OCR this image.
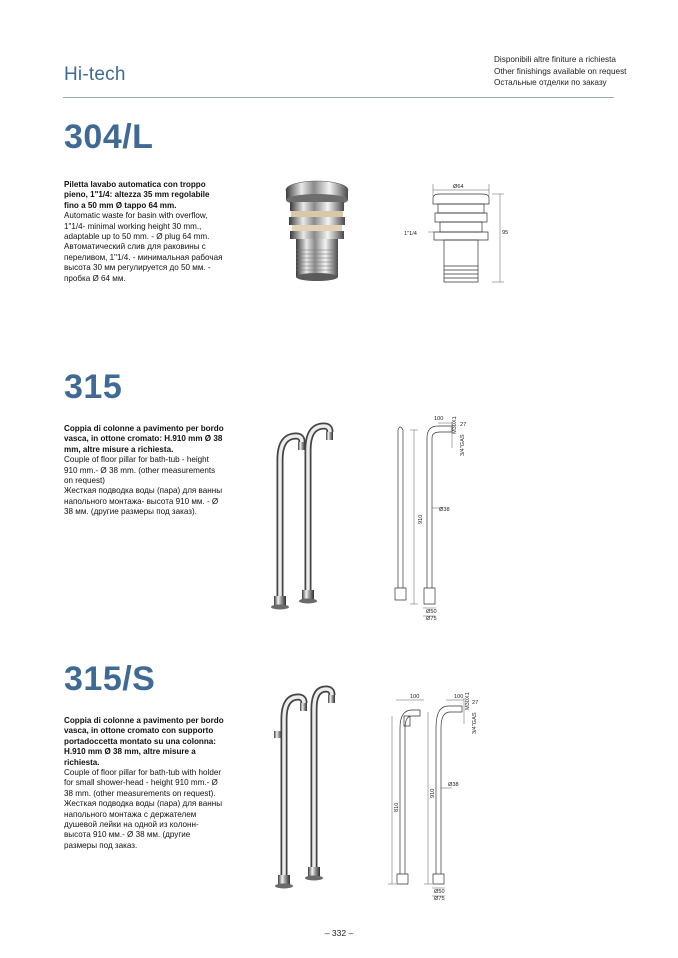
Hi-tech
Disponibili altre finiture a richiesta
Other finishings available on request
Остальные отделки по заказу
304/L

Piletta lavabo automatica con troppo pieno, 1"1/4: altezza 35 mm regolabile fino a 50 mm Ø tappo 64 mm.

Automatic waste for basin with overflow, 1"1/4- minimal working height 30 mm., adaptable up to 50 mm. - Ø plug 64 mm.

Автоматический слив для раковины с переливом, 1"1/4. - минимальная рабочая высота 30 мм регулируется до 50 мм. - пробка Ø 64 мм.

Ø64
1"1/4	95
315

Coppia di colonne a pavimento per bordo vasca, in ottone cromato: H.910 mm Ø 38 mm, altre misure a richiesta.

Couple of floor pillar for bath-tub - height 910 mm.- Ø 38 mm. (other measurements on request)

Жесткая подводка воды (пара) для ванны напольного монтажа- высота 910 мм. - Ø 38 мм. (другие размеры под заказ).

100 M30X1 27
3/4"GAS
910
Ø38
Ø50
Ø75
315/S

Coppia di colonne a pavimento per bordo vasca, in ottone cromato con supporto portadoccetta montato su una colonna: H.910 mm Ø 38 mm, altre misure a richiesta.

Couple of floor pillar for bath-tub with holder for small shower-head - height 910 mm.- Ø 38 mm. (other measurements on request).

Жесткая подводка воды (пара) для ванны напольного монтажа с держателем душевой лейки на одной из колонн- высота 910 мм.- Ø 38 мм. (другие размеры под заказ.

100	100 M30X1 27
3/4"GAS
810
910
Ø38
Ø50
Ø75
– 332 –
